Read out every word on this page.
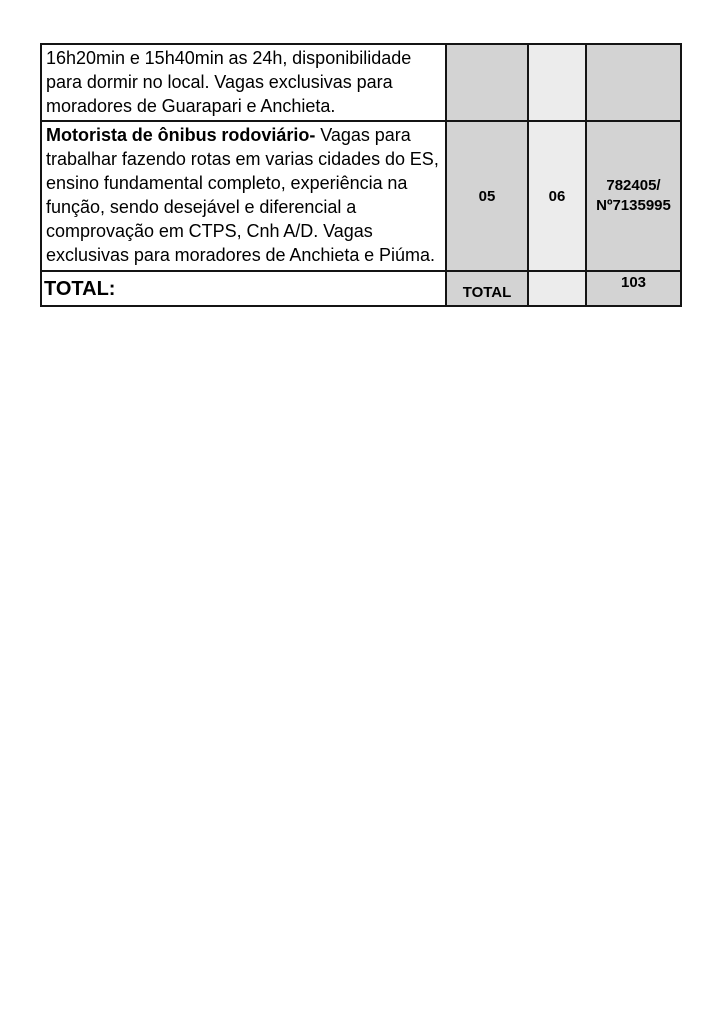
16h20min e 15h40min as 24h, disponibilidade para dormir no local. Vagas exclusivas para moradores de Guarapari e Anchieta.			
Motorista de ônibus rodoviário- Vagas para trabalhar fazendo rotas em varias cidades do ES, ensino fundamental completo, experiência na função, sendo desejável e diferencial a comprovação em CTPS, Cnh A/D. Vagas exclusivas para moradores de Anchieta e Piúma.	05	06	782405/
Nº7135995

TOTAL:	TOTAL		103
